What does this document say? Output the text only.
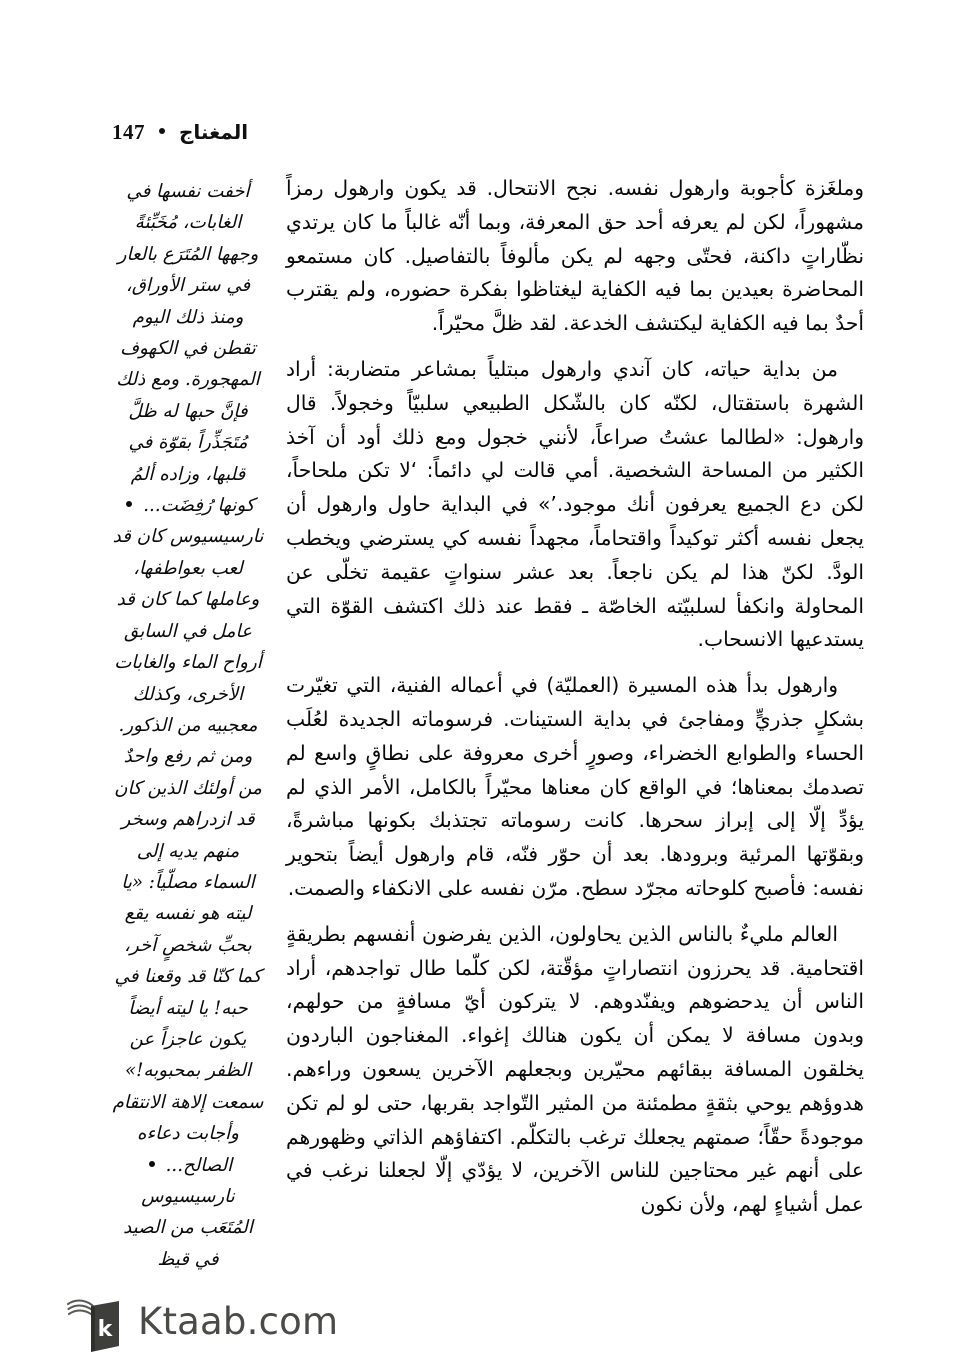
147 المغناج

أخفت نفسها في الغابات، مُخَبِّئةً وجهها المُتَرَع بالعار في ستر الأوراق، ومنذ ذلك اليوم تقطن في الكهوف المهجورة. ومع ذلك فإنَّ حبها له ظلَّ مُتَجَذِّراً بقوّة في قلبها، وزاده ألمُ كونها رُفِضَت...  نارسيسيوس كان قد لعب بعواطفها، وعاملها كما كان قد عامل في السابق أرواح الماء والغابات الأخرى، وكذلك معجبيه من الذكور. ومن ثم رفع واحدٌ من أولئك الذين كان قد ازدراهم وسخر منهم يديه إلى السماء مصلّياً: «يا ليته هو نفسه يقع بحبِّ شخصٍ آخر، كما كنّا قد وقعنا في حبه! يا ليته أيضاً يكون عاجزاً عن الظفر بمحبوبه!» سمعت إلاهة الانتقام وأجابت دعاءه الصالح...  نارسيسيوس المُتَعَب من الصيد في قيظ

وملغَزة كأجوبة وارهول نفسه. نجح الانتحال. قد يكون وارهول رمزاً مشهوراً، لكن لم يعرفه أحد حق المعرفة، وبما أنّه غالباً ما كان يرتدي نظّاراتٍ داكنة، فحتّى وجهه لم يكن مألوفاً بالتفاصيل. كان مستمعو المحاضرة بعيدين بما فيه الكفاية ليغتاظوا بفكرة حضوره، ولم يقترب أحدٌ بما فيه الكفاية ليكتشف الخدعة. لقد ظلَّ محيّراً.

من بداية حياته، كان آندي وارهول مبتلياً بمشاعر متضاربة: أراد الشهرة باستقتال، لكنّه كان بالشّكل الطبيعي سلبيّاً وخجولاً. قال وارهول: «لطالما عشتُ صراعاً، لأنني خجول ومع ذلك أود أن آخذ الكثير من المساحة الشخصية. أمي قالت لي دائماً: ‘لا تكن ملحاحاً، لكن دع الجميع يعرفون أنك موجود.’» في البداية حاول وارهول أن يجعل نفسه أكثر توكيداً واقتحاماً، مجهداً نفسه كي يسترضي ويخطب الودَّ. لكنّ هذا لم يكن ناجعاً. بعد عشر سنواتٍ عقيمة تخلّى عن المحاولة وانكفأ لسلبيّته الخاصّة ـ فقط عند ذلك اكتشف القوّة التي يستدعيها الانسحاب.

وارهول بدأ هذه المسيرة (العمليّة) في أعماله الفنية، التي تغيّرت بشكلٍ جذريٍّ ومفاجئ في بداية الستينات. فرسوماته الجديدة لعُلَب الحساء والطوابع الخضراء، وصورٍ أخرى معروفة على نطاقٍ واسع لم تصدمك بمعناها؛ في الواقع كان معناها محيّراً بالكامل، الأمر الذي لم يؤدِّ إلّا إلى إبراز سحرها. كانت رسوماته تجتذبك بكونها مباشرةً، وبقوّتها المرئية وبرودها. بعد أن حوّر فنّه، قام وارهول أيضاً بتحوير نفسه: فأصبح كلوحاته مجرّد سطح. مرّن نفسه على الانكفاء والصمت.

العالم مليءٌ بالناس الذين يحاولون، الذين يفرضون أنفسهم بطريقةٍ اقتحامية. قد يحرزون انتصاراتٍ مؤقّتة، لكن كلّما طال تواجدهم، أراد الناس أن يدحضوهم ويفنّدوهم. لا يتركون أيّ مسافةٍ من حولهم، وبدون مسافة لا يمكن أن يكون هنالك إغواء. المغناجون الباردون يخلقون المسافة ببقائهم محيّرين وبجعلهم الآخرين يسعون وراءهم. هدوؤهم يوحي بثقةٍ مطمئنة من المثير التّواجد بقربها، حتى لو لم تكن موجودةً حقّاً؛ صمتهم يجعلك ترغب بالتكلّم. اكتفاؤهم الذاتي وظهورهم على أنهم غير محتاجين للناس الآخرين، لا يؤدّي إلّا لجعلنا نرغب في عمل أشياءٍ لهم، ولأن نكون

k Ktaab.com
